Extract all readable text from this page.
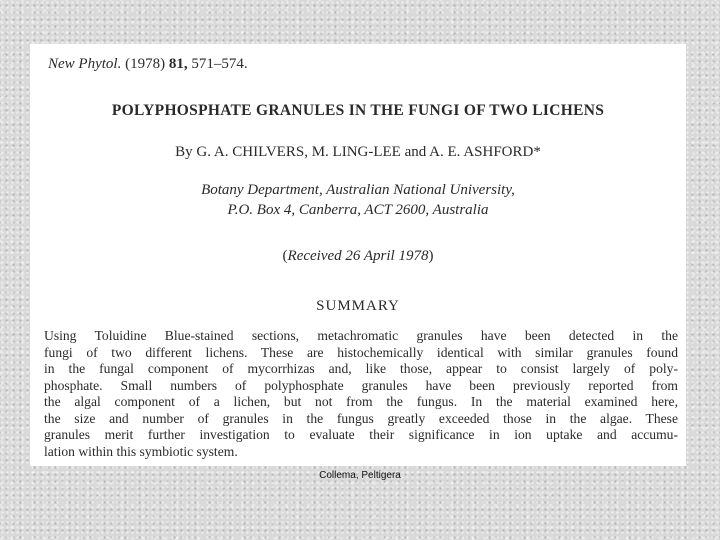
New Phytol. (1978) 81, 571–574.
POLYPHOSPHATE GRANULES IN THE FUNGI OF TWO LICHENS
By G. A. CHILVERS, M. LING-LEE and A. E. ASHFORD*
Botany Department, Australian National University,
P.O. Box 4, Canberra, ACT 2600, Australia
(Received 26 April 1978)
SUMMARY
Using Toluidine Blue-stained sections, metachromatic granules have been detected in the
fungi of two different lichens. These are histochemically identical with similar granules found
in the fungal component of mycorrhizas and, like those, appear to consist largely of poly-
phosphate. Small numbers of polyphosphate granules have been previously reported from
the algal component of a lichen, but not from the fungus. In the material examined here,
the size and number of granules in the fungus greatly exceeded those in the algae. These
granules merit further investigation to evaluate their significance in ion uptake and accumu-
lation within this symbiotic system.
Collema, Peltigera
